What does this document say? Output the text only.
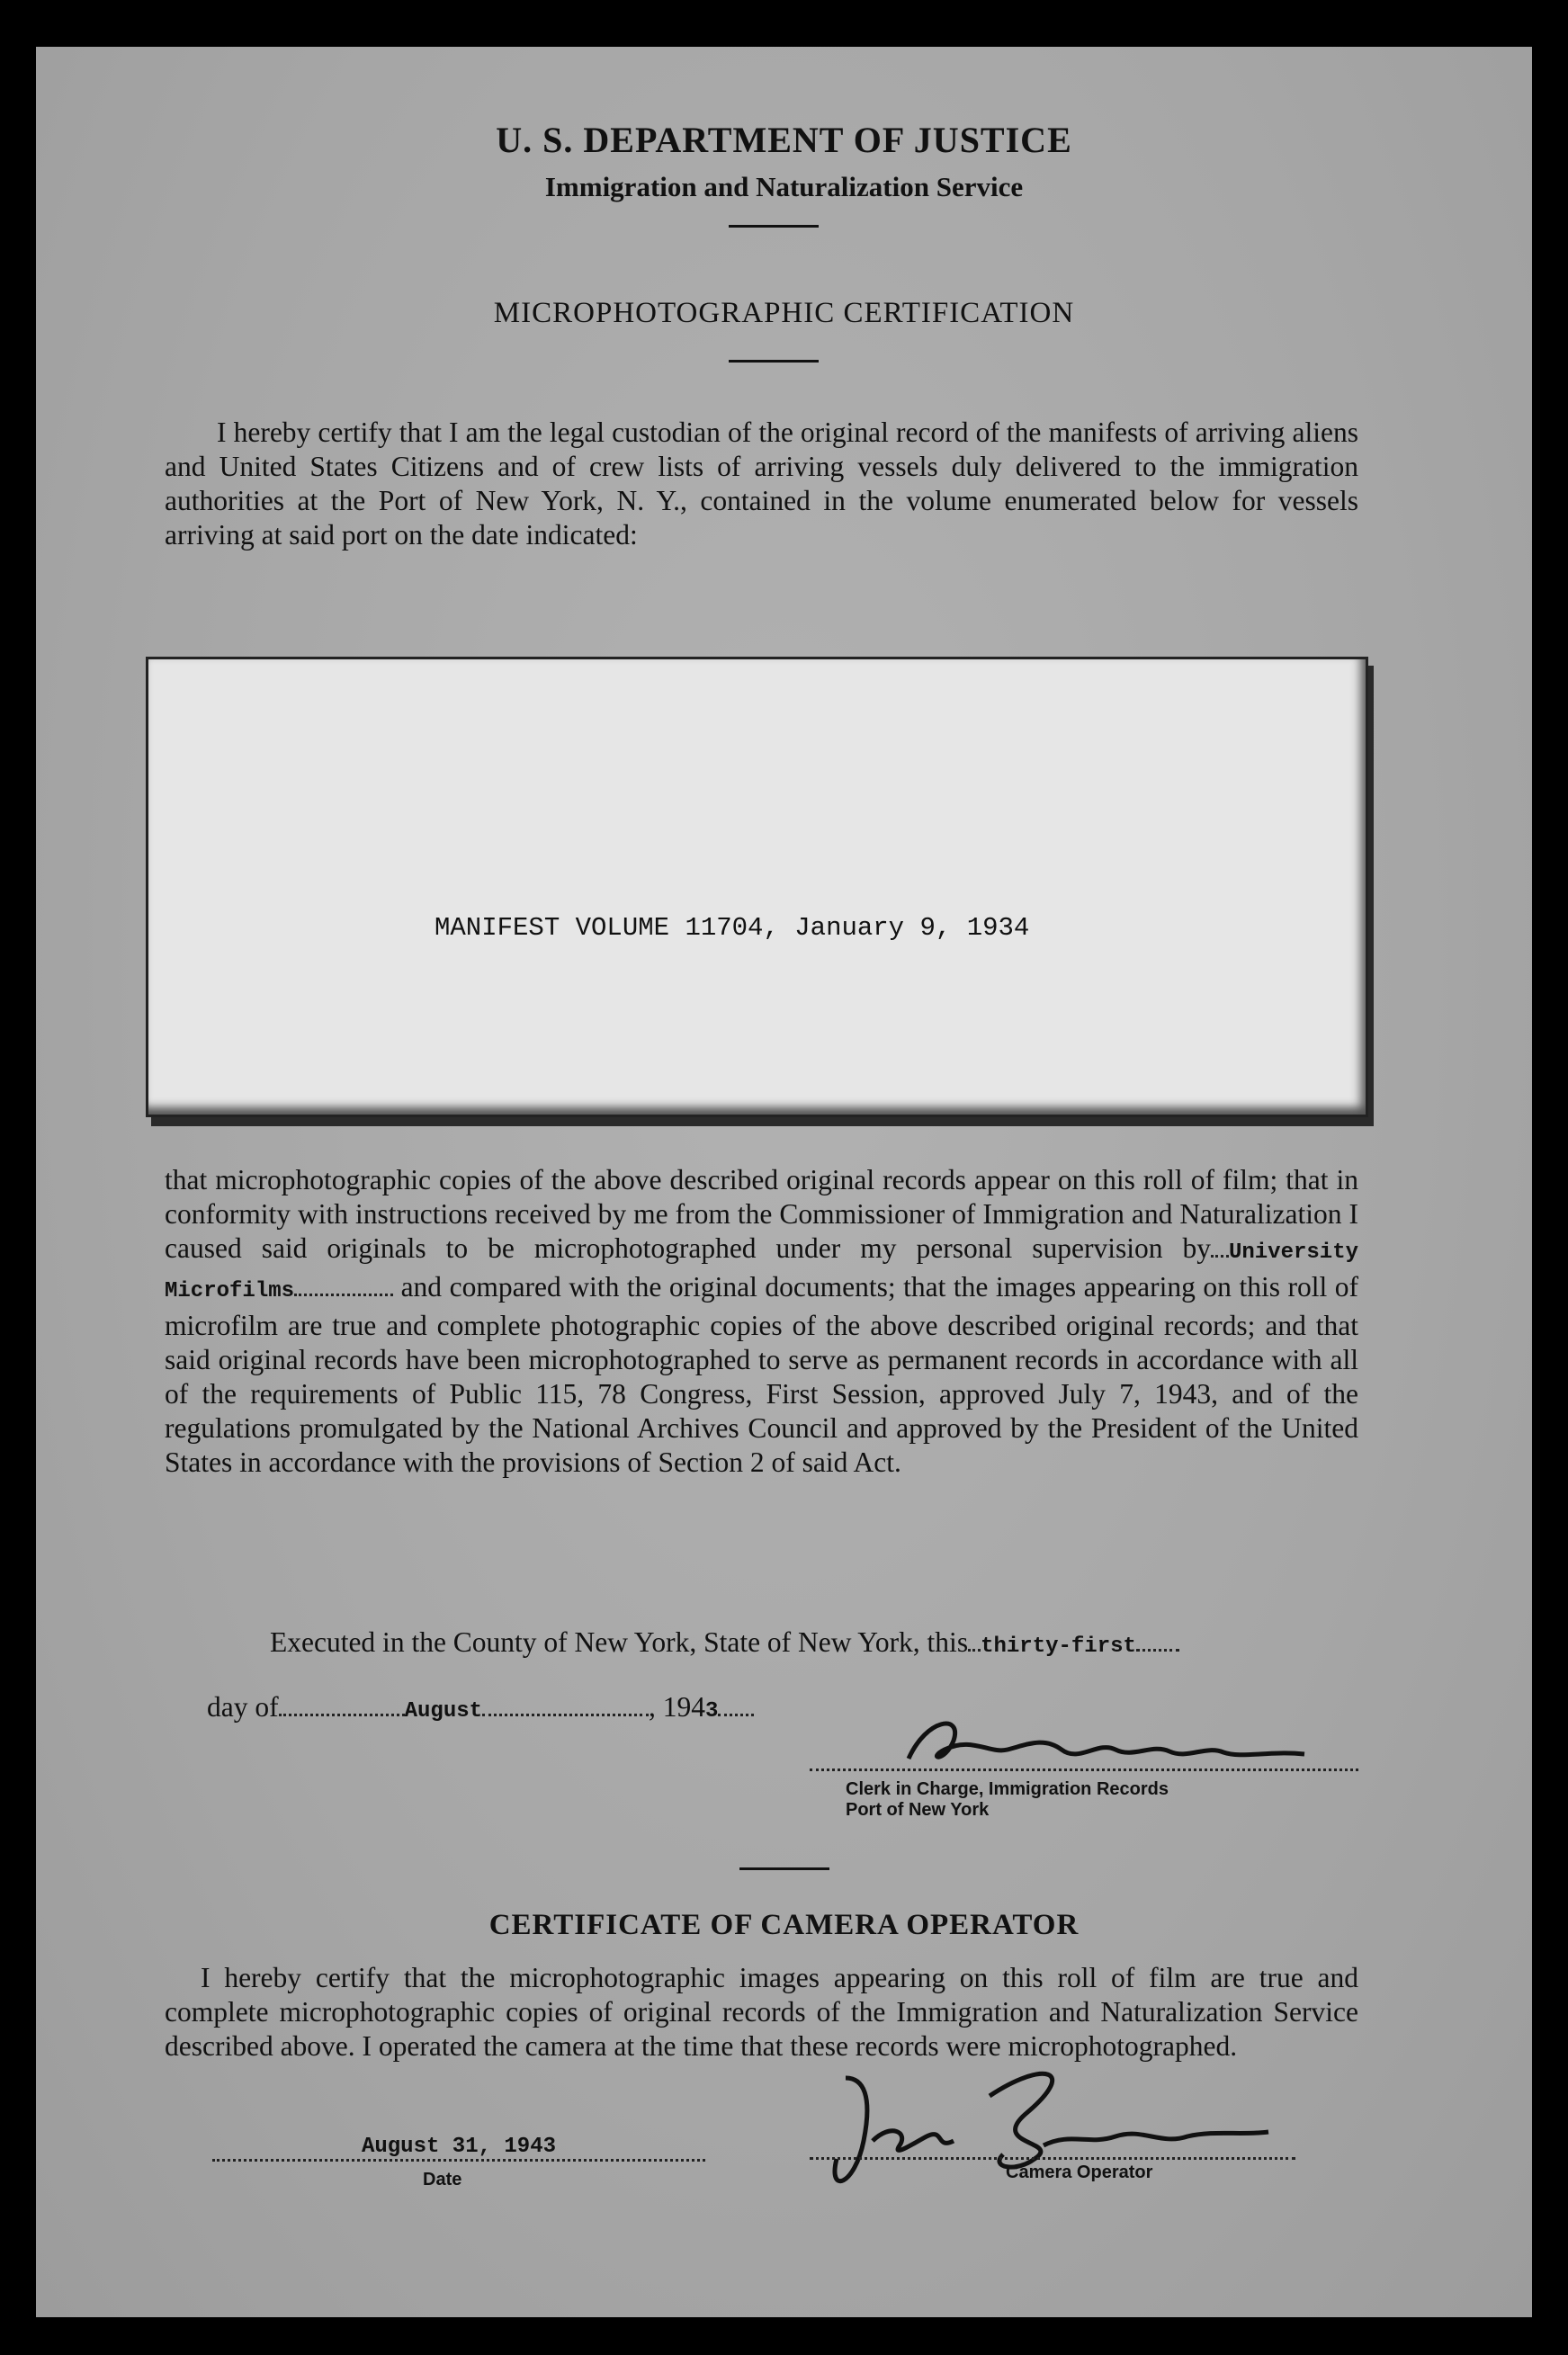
U. S. DEPARTMENT OF JUSTICE
Immigration and Naturalization Service
MICROPHOTOGRAPHIC CERTIFICATION
I hereby certify that I am the legal custodian of the original record of the manifests of arriving aliens and United States Citizens and of crew lists of arriving vessels duly delivered to the immigration authorities at the Port of New York, N. Y., contained in the volume enumerated below for vessels arriving at said port on the date indicated:
MANIFEST VOLUME 11704, January 9, 1934
that microphotographic copies of the above described original records appear on this roll of film; that in conformity with instructions received by me from the Commissioner of Immigration and Naturalization I caused said originals to be microphotographed under my personal supervision by University Microfilms	and compared with the original documents; that the images appearing on this roll of microfilm are true and complete photographic copies of the above described original records; and that said original records have been microphotographed to serve as permanent records in accordance with all of the requirements of Public 115, 78 Congress, First Session, approved July 7, 1943, and of the regulations promulgated by the National Archives Council and approved by the President of the United States in accordance with the provisions of Section 2 of said Act.
Executed in the County of New York, State of New York, this thirty-first
day of	August	, 1943
Clerk in Charge, Immigration Records
Port of New York
CERTIFICATE OF CAMERA OPERATOR
I hereby certify that the microphotographic images appearing on this roll of film are true and complete microphotographic copies of original records of the Immigration and Naturalization Service described above. I operated the camera at the time that these records were microphotographed.
August 31, 1943
Date	Camera Operator
